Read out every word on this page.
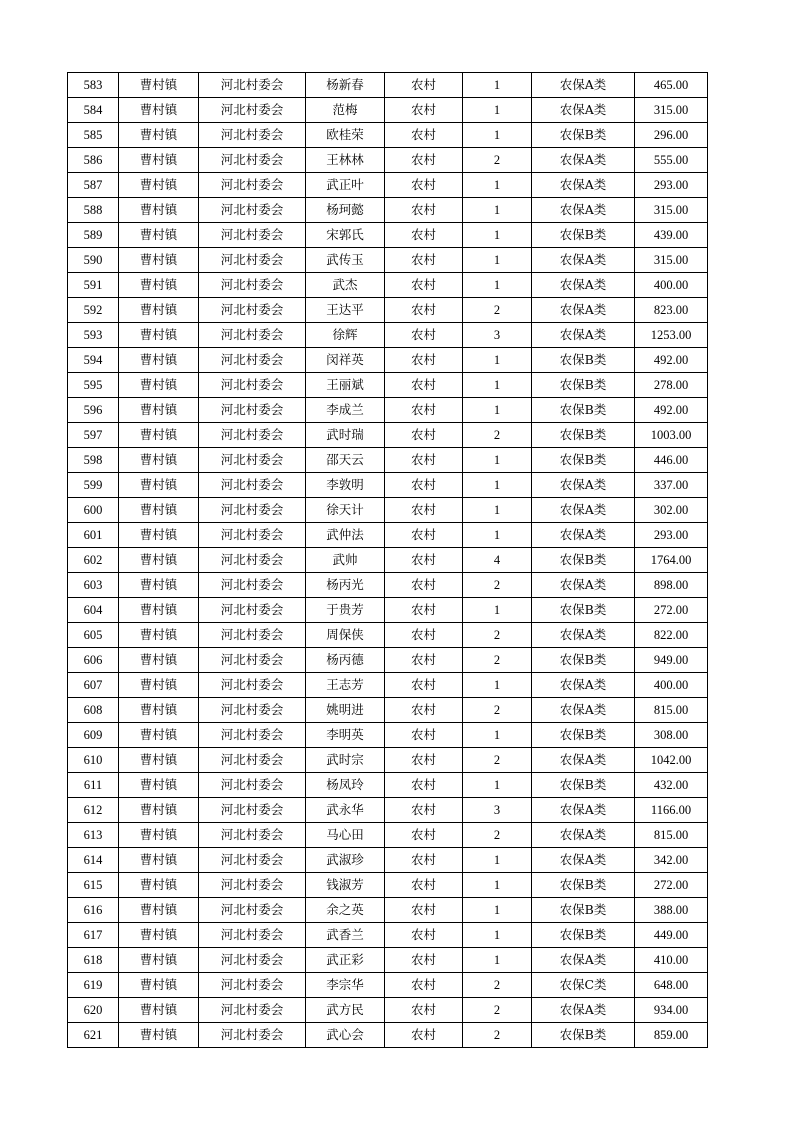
583	曹村镇	河北村委会	杨新春	农村	1	农保A类	465.00
584	曹村镇	河北村委会	范梅	农村	1	农保A类	315.00
585	曹村镇	河北村委会	欧桂荣	农村	1	农保B类	296.00
586	曹村镇	河北村委会	王林林	农村	2	农保A类	555.00
587	曹村镇	河北村委会	武正叶	农村	1	农保A类	293.00
588	曹村镇	河北村委会	杨珂懿	农村	1	农保A类	315.00
589	曹村镇	河北村委会	宋郭氏	农村	1	农保B类	439.00
590	曹村镇	河北村委会	武传玉	农村	1	农保A类	315.00
591	曹村镇	河北村委会	武杰	农村	1	农保A类	400.00
592	曹村镇	河北村委会	王达平	农村	2	农保A类	823.00
593	曹村镇	河北村委会	徐辉	农村	3	农保A类	1253.00
594	曹村镇	河北村委会	闵祥英	农村	1	农保B类	492.00
595	曹村镇	河北村委会	王丽斌	农村	1	农保B类	278.00
596	曹村镇	河北村委会	李成兰	农村	1	农保B类	492.00
597	曹村镇	河北村委会	武时瑞	农村	2	农保B类	1003.00
598	曹村镇	河北村委会	邵天云	农村	1	农保B类	446.00
599	曹村镇	河北村委会	李敦明	农村	1	农保A类	337.00
600	曹村镇	河北村委会	徐天计	农村	1	农保A类	302.00
601	曹村镇	河北村委会	武仲法	农村	1	农保A类	293.00
602	曹村镇	河北村委会	武帅	农村	4	农保B类	1764.00
603	曹村镇	河北村委会	杨丙光	农村	2	农保A类	898.00
604	曹村镇	河北村委会	于贵芳	农村	1	农保B类	272.00
605	曹村镇	河北村委会	周保侠	农村	2	农保A类	822.00
606	曹村镇	河北村委会	杨丙德	农村	2	农保B类	949.00
607	曹村镇	河北村委会	王志芳	农村	1	农保A类	400.00
608	曹村镇	河北村委会	姚明进	农村	2	农保A类	815.00
609	曹村镇	河北村委会	李明英	农村	1	农保B类	308.00
610	曹村镇	河北村委会	武时宗	农村	2	农保A类	1042.00
611	曹村镇	河北村委会	杨凤玲	农村	1	农保B类	432.00
612	曹村镇	河北村委会	武永华	农村	3	农保A类	1166.00
613	曹村镇	河北村委会	马心田	农村	2	农保A类	815.00
614	曹村镇	河北村委会	武淑珍	农村	1	农保A类	342.00
615	曹村镇	河北村委会	钱淑芳	农村	1	农保B类	272.00
616	曹村镇	河北村委会	余之英	农村	1	农保B类	388.00
617	曹村镇	河北村委会	武香兰	农村	1	农保B类	449.00
618	曹村镇	河北村委会	武正彩	农村	1	农保A类	410.00
619	曹村镇	河北村委会	李宗华	农村	2	农保C类	648.00
620	曹村镇	河北村委会	武方民	农村	2	农保A类	934.00
621	曹村镇	河北村委会	武心会	农村	2	农保B类	859.00
